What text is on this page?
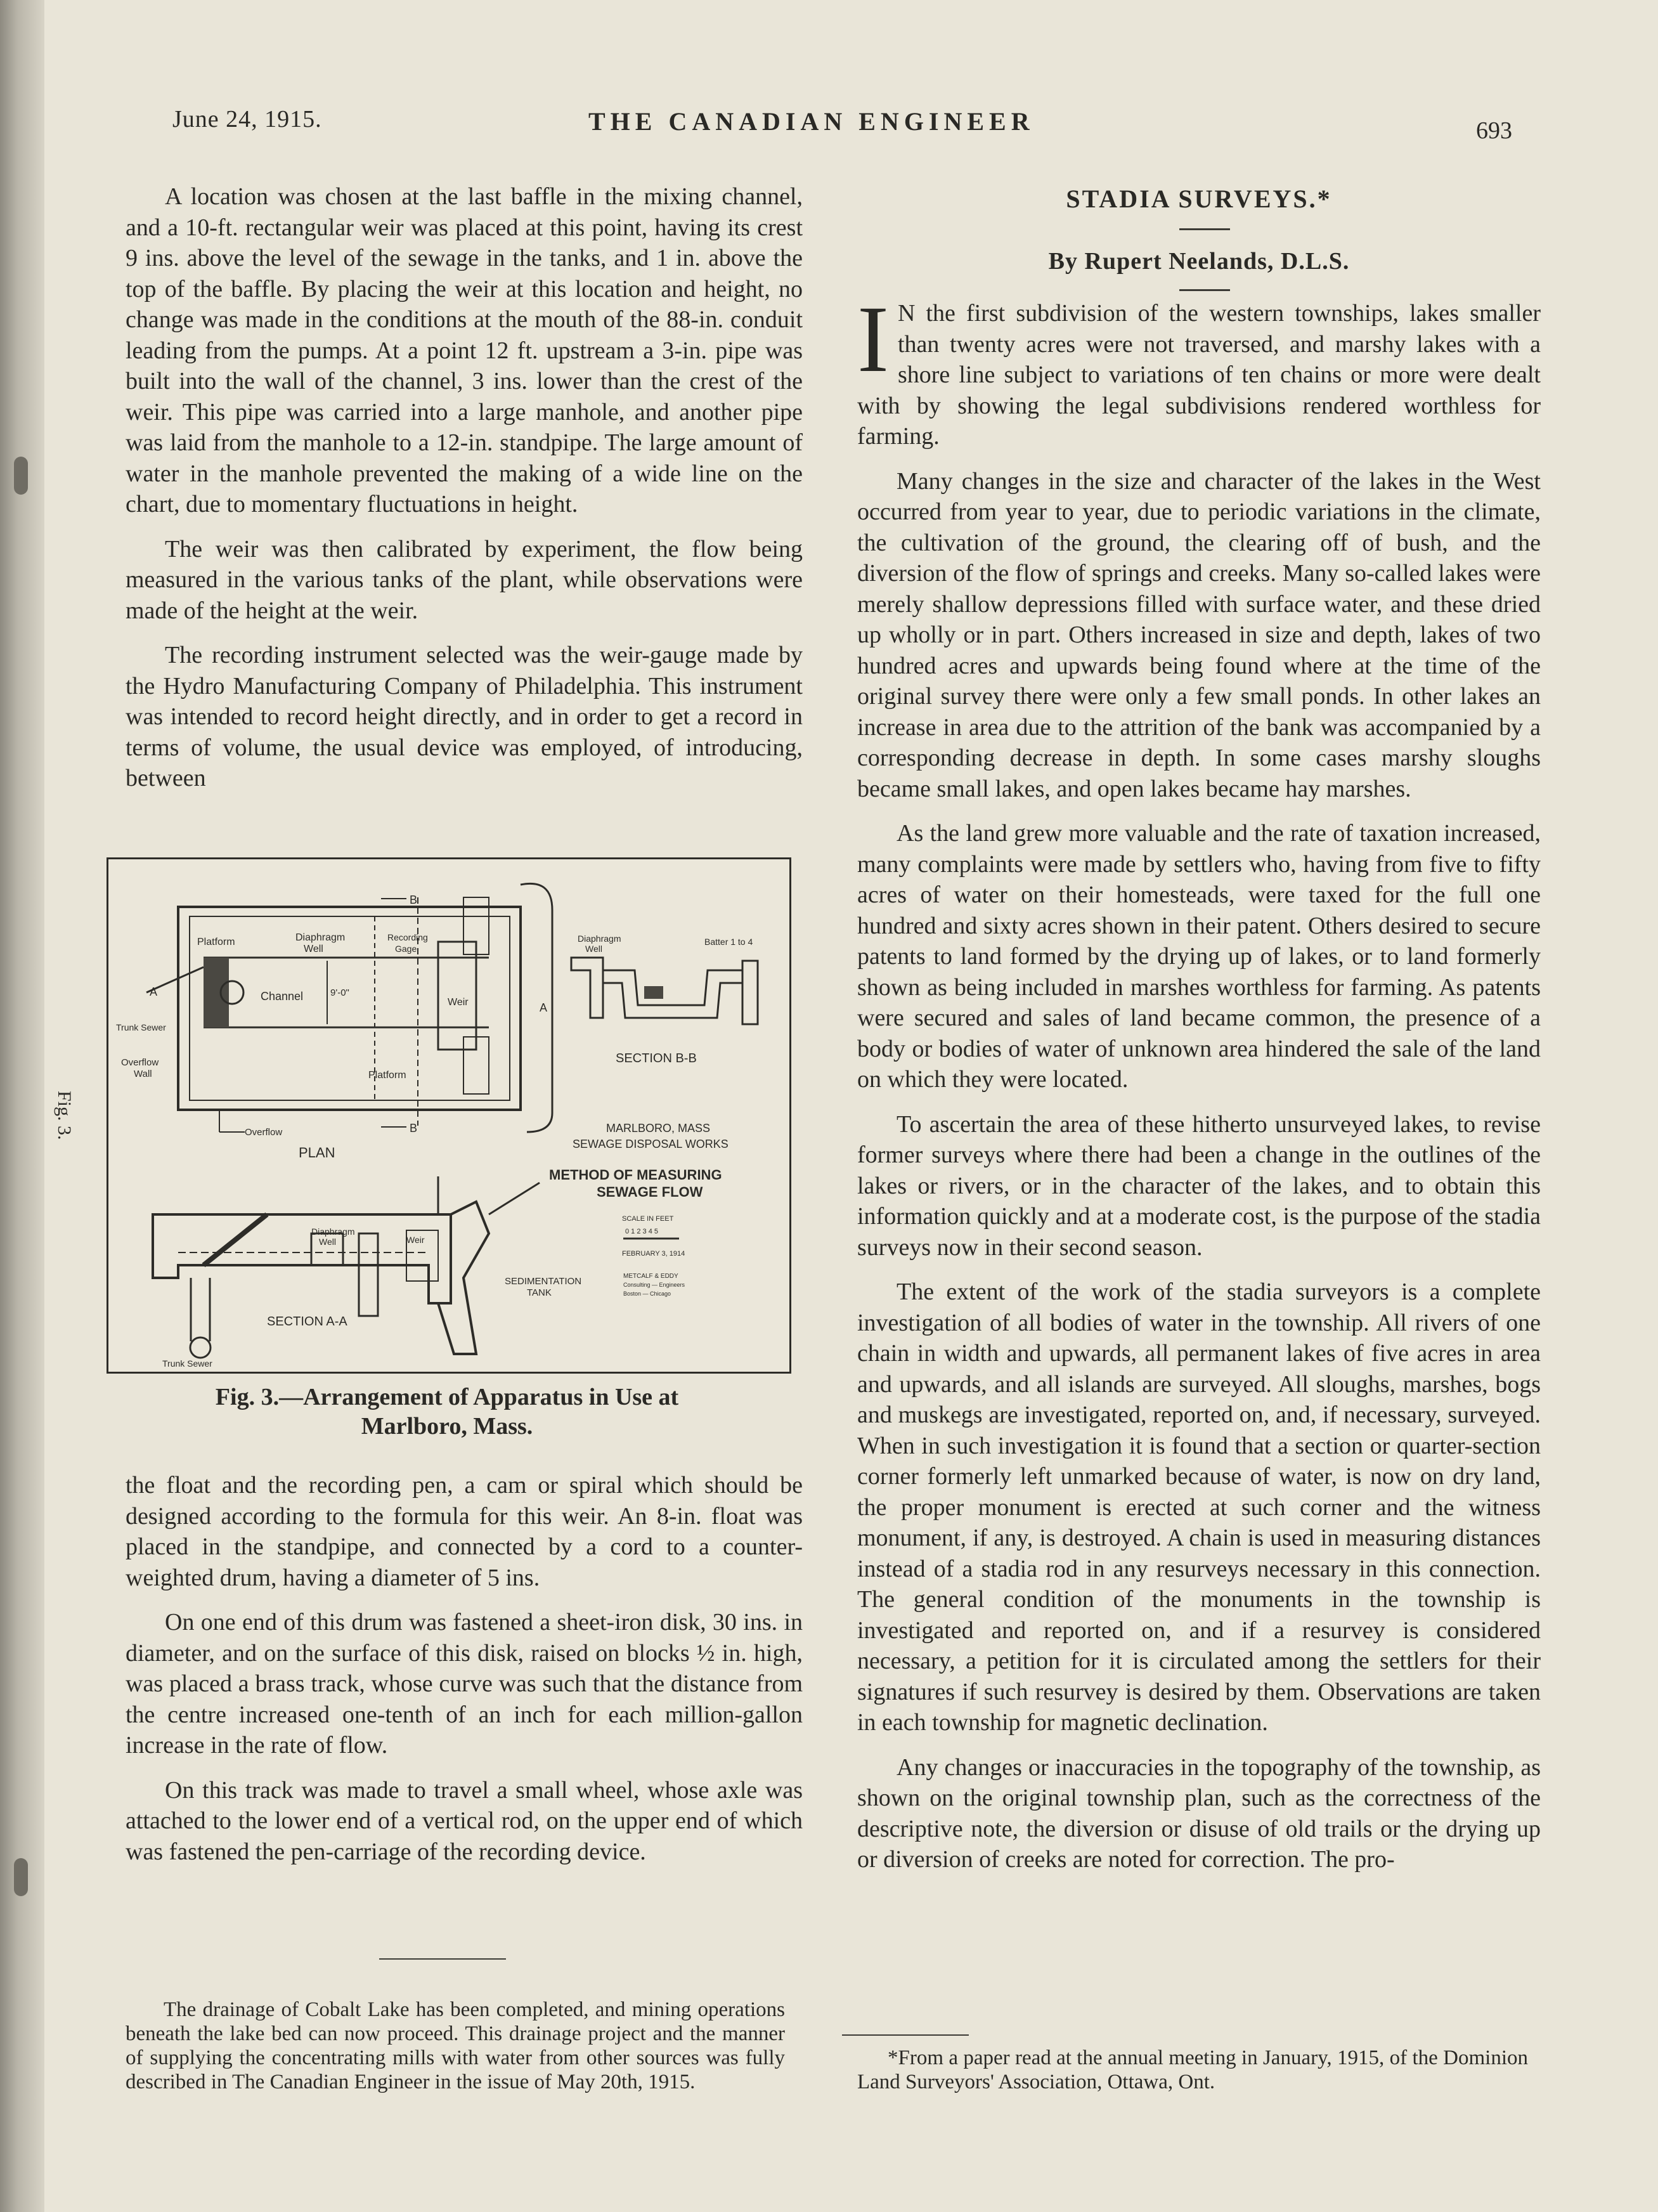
June 24, 1915.	THE CANADIAN ENGINEER	693

A location was chosen at the last baffle in the mixing channel, and a 10-ft. rectangular weir was placed at this point, having its crest 9 ins. above the level of the sewage in the tanks, and 1 in. above the top of the baffle. By placing the weir at this location and height, no change was made in the conditions at the mouth of the 88-in. conduit leading from the pumps. At a point 12 ft. upstream a 3-in. pipe was built into the wall of the channel, 3 ins. lower than the crest of the weir. This pipe was carried into a large manhole, and another pipe was laid from the manhole to a 12-in. standpipe. The large amount of water in the manhole prevented the making of a wide line on the chart, due to momentary fluctuations in height.

The weir was then calibrated by experiment, the flow being measured in the various tanks of the plant, while observations were made of the height at the weir.

The recording instrument selected was the weir-gauge made by the Hydro Manufacturing Company of Philadelphia. This instrument was intended to record height directly, and in order to get a record in terms of volume, the usual device was employed, of introducing, between

Platform	Diaphragm
Well
Recording
Gage
Channel	Weir
9'-0"
Platform
Overflow
Wall
Trunk Sewer
Overflow
PLAN
B
B
A
A
Diaphragm
Well
Batter 1 to 4
SECTION B-B
MARLBORO, MASS
SEWAGE DISPOSAL WORKS
METHOD OF MEASURING
SEWAGE FLOW
SCALE IN FEET
0 1 2 3 4 5
FEBRUARY 3, 1914
METCALF & EDDY
Consulting — Engineers
Boston — Chicago
Diaphragm
Well	Weir
SEDIMENTATION
TANK
SECTION A-A
Trunk Sewer
Fig. 3.
Fig. 3.—Arrangement of Apparatus in Use at
Marlboro, Mass.

the float and the recording pen, a cam or spiral which should be designed according to the formula for this weir. An 8-in. float was placed in the standpipe, and connected by a cord to a counter-weighted drum, having a diameter of 5 ins.

On one end of this drum was fastened a sheet-iron disk, 30 ins. in diameter, and on the surface of this disk, raised on blocks ½ in. high, was placed a brass track, whose curve was such that the distance from the centre increased one-tenth of an inch for each million-gallon increase in the rate of flow.

On this track was made to travel a small wheel, whose axle was attached to the lower end of a vertical rod, on the upper end of which was fastened the pen-carriage of the recording device.

The drainage of Cobalt Lake has been completed, and mining operations beneath the lake bed can now proceed. This drainage project and the manner of supplying the concentrating mills with water from other sources was fully described in The Canadian Engineer in the issue of May 20th, 1915.
STADIA SURVEYS.*
By Rupert Neelands, D.L.S.

I N the first subdivision of the western townships, lakes smaller than twenty acres were not traversed, and marshy lakes with a shore line subject to variations of ten chains or more were dealt with by showing the legal subdivisions rendered worthless for farming.

Many changes in the size and character of the lakes in the West occurred from year to year, due to periodic variations in the climate, the cultivation of the ground, the clearing off of bush, and the diversion of the flow of springs and creeks. Many so-called lakes were merely shallow depressions filled with surface water, and these dried up wholly or in part. Others increased in size and depth, lakes of two hundred acres and upwards being found where at the time of the original survey there were only a few small ponds. In other lakes an increase in area due to the attrition of the bank was accompanied by a corresponding decrease in depth. In some cases marshy sloughs became small lakes, and open lakes became hay marshes.

As the land grew more valuable and the rate of taxation increased, many complaints were made by settlers who, having from five to fifty acres of water on their homesteads, were taxed for the full one hundred and sixty acres shown in their patent. Others desired to secure patents to land formed by the drying up of lakes, or to land formerly shown as being included in marshes worthless for farming. As patents were secured and sales of land became common, the presence of a body or bodies of water of unknown area hindered the sale of the land on which they were located.

To ascertain the area of these hitherto unsurveyed lakes, to revise former surveys where there had been a change in the outlines of the lakes or rivers, or in the character of the lakes, and to obtain this information quickly and at a moderate cost, is the purpose of the stadia surveys now in their second season.

The extent of the work of the stadia surveyors is a complete investigation of all bodies of water in the township. All rivers of one chain in width and upwards, all permanent lakes of five acres in area and upwards, and all islands are surveyed. All sloughs, marshes, bogs and muskegs are investigated, reported on, and, if necessary, surveyed. When in such investigation it is found that a section or quarter-section corner formerly left unmarked because of water, is now on dry land, the proper monument is erected at such corner and the witness monument, if any, is destroyed. A chain is used in measuring distances instead of a stadia rod in any resurveys necessary in this connection. The general condition of the monuments in the township is investigated and reported on, and if a resurvey is considered necessary, a petition for it is circulated among the settlers for their signatures if such resurvey is desired by them. Observations are taken in each township for magnetic declination.

Any changes or inaccuracies in the topography of the township, as shown on the original township plan, such as the correctness of the descriptive note, the diversion or disuse of old trails or the drying up or diversion of creeks are noted for correction. The pro-

*From a paper read at the annual meeting in January, 1915, of the Dominion Land Surveyors' Association, Ottawa, Ont.
